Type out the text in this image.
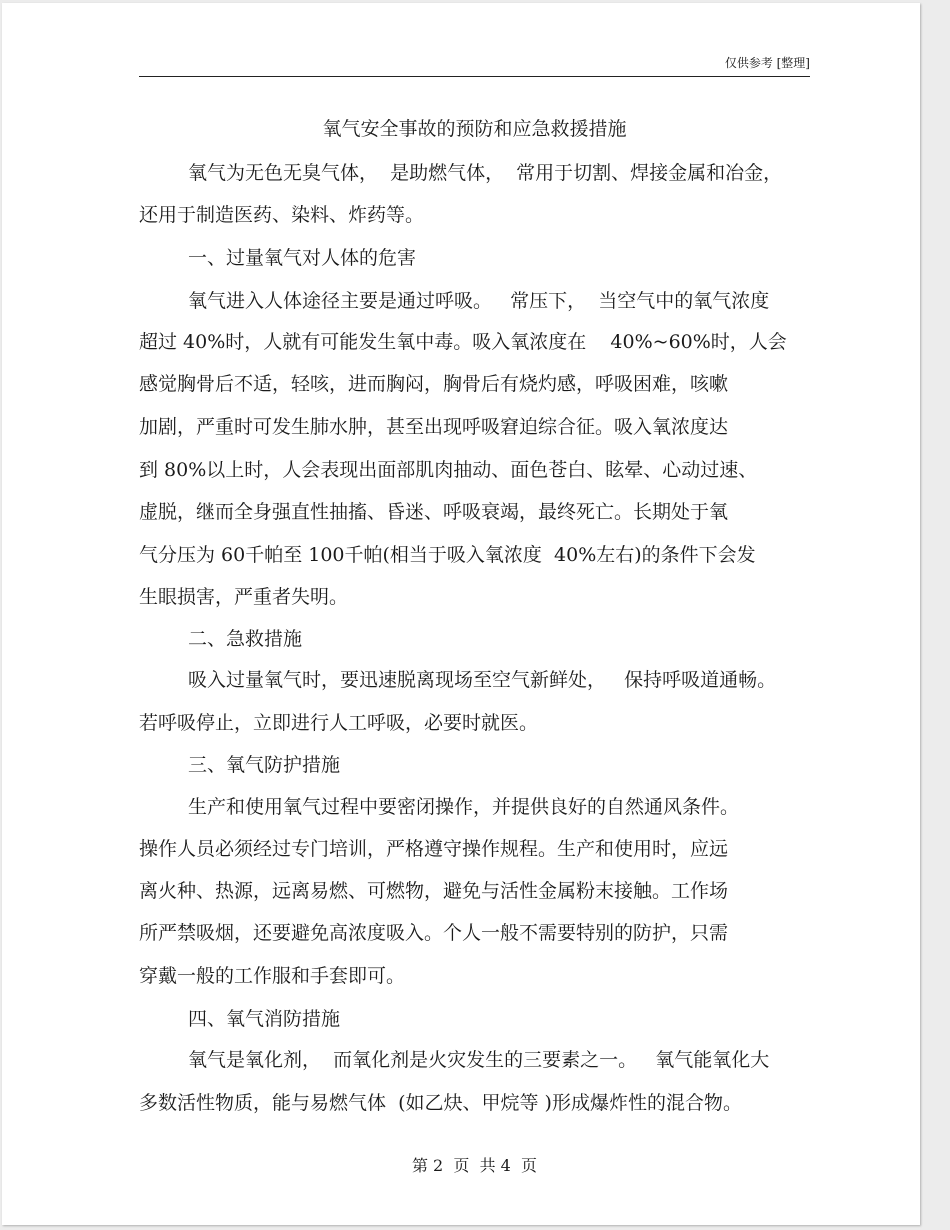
仅供参考 [整理]
氧气安全事故的预防和应急救援措施
氧气为无色无臭气体，  是助燃气体，  常用于切割、焊接金属和冶金，
还用于制造医药、染料、炸药等。
一、过量氧气对人体的危害
氧气进入人体途径主要是通过呼吸。   常压下，  当空气中的氧气浓度
超过 40%时，人就有可能发生氧中毒。吸入氧浓度在    40%~60%时，人会
感觉胸骨后不适，轻咳，进而胸闷，胸骨后有烧灼感，呼吸困难，咳嗽
加剧，严重时可发生肺水肿，甚至出现呼吸窘迫综合征。吸入氧浓度达
到 80%以上时，人会表现出面部肌肉抽动、面色苍白、眩晕、心动过速、
虚脱，继而全身强直性抽搐、昏迷、呼吸衰竭，最终死亡。长期处于氧
气分压为 60千帕至 100千帕(相当于吸入氧浓度  40%左右)的条件下会发
生眼损害，严重者失明。
二、急救措施
吸入过量氧气时，要迅速脱离现场至空气新鲜处，   保持呼吸道通畅。
若呼吸停止，立即进行人工呼吸，必要时就医。
三、氧气防护措施
生产和使用氧气过程中要密闭操作，并提供良好的自然通风条件。
操作人员必须经过专门培训，严格遵守操作规程。生产和使用时，应远
离火种、热源，远离易燃、可燃物，避免与活性金属粉末接触。工作场
所严禁吸烟，还要避免高浓度吸入。个人一般不需要特别的防护，只需
穿戴一般的工作服和手套即可。
四、氧气消防措施
氧气是氧化剂，  而氧化剂是火灾发生的三要素之一。   氧气能氧化大
多数活性物质，能与易燃气体  (如乙炔、甲烷等 )形成爆炸性的混合物。
第 2  页  共 4  页
